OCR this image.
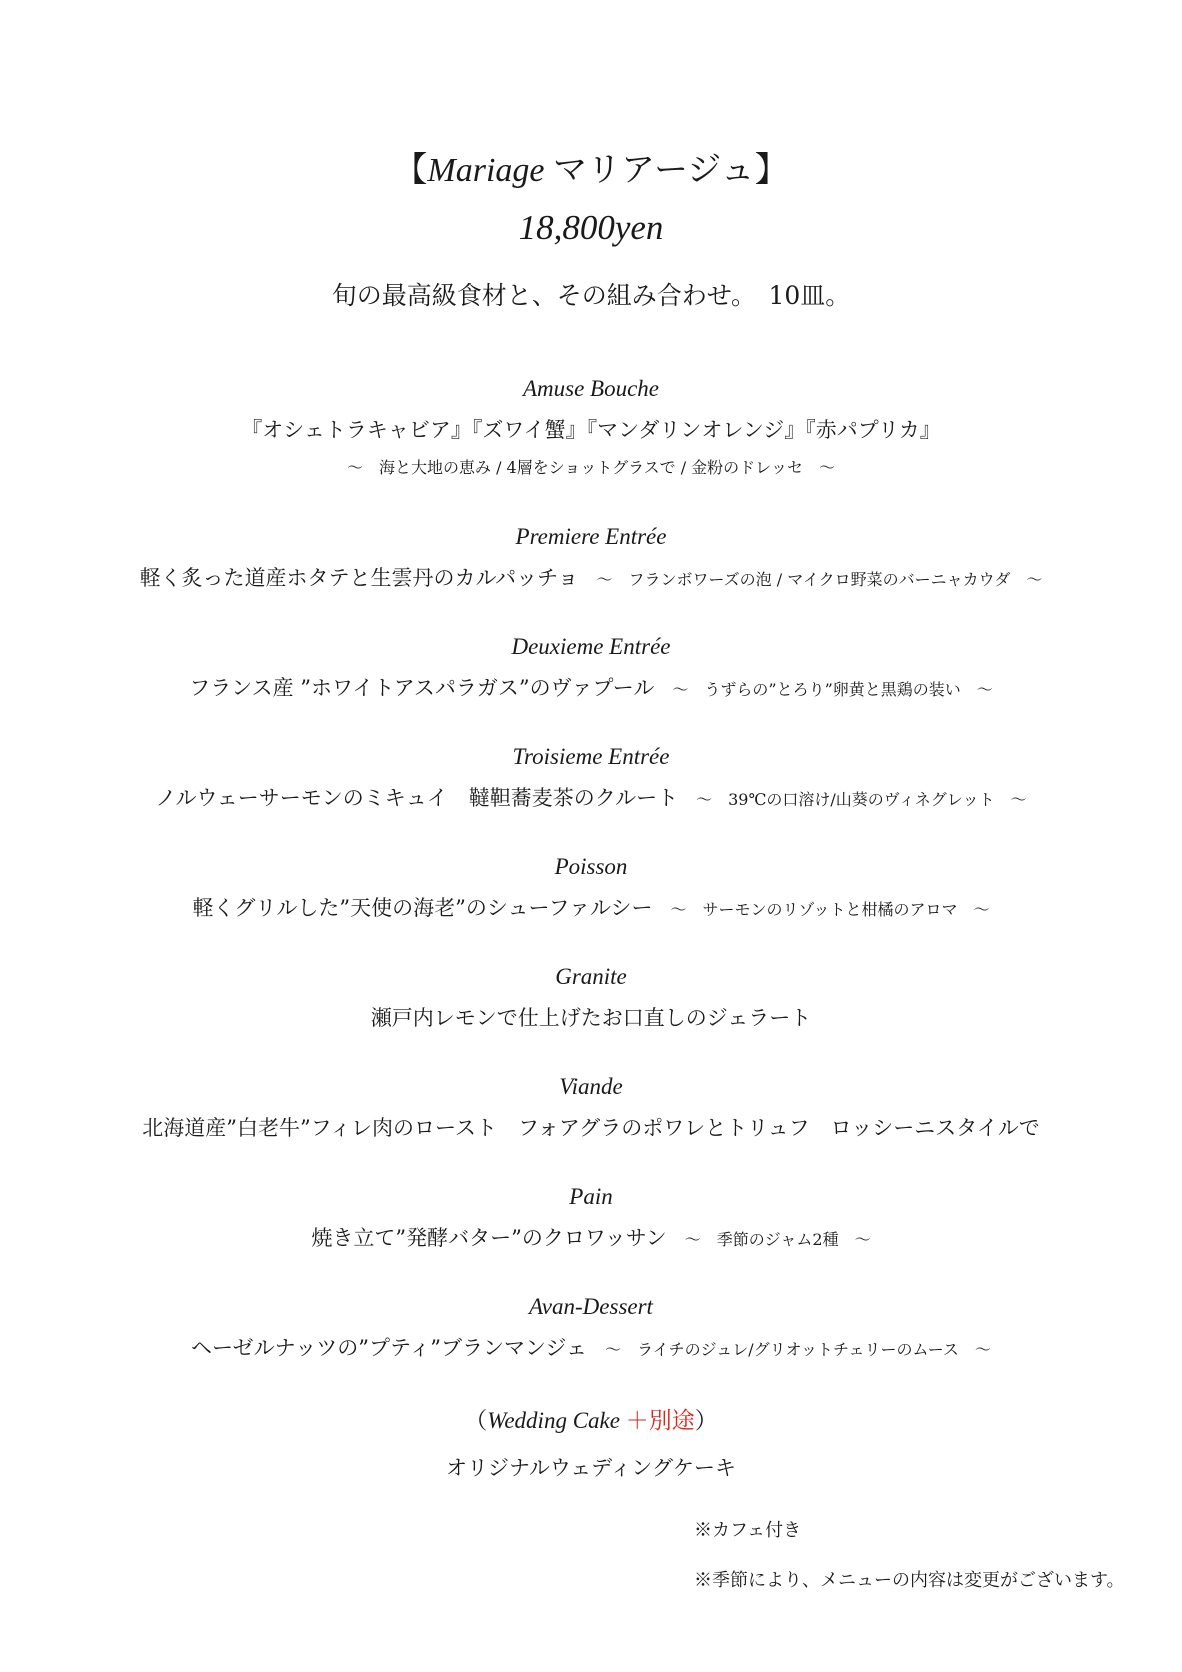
【Mariage マリアージュ】
18,800yen
旬の最高級食材と、その組み合わせ。　10皿。
Amuse Bouche
『オシェトラキャビア』『ズワイ蟹』『マンダリンオレンジ』『赤パプリカ』
～　海と大地の恵み / 4層をショットグラスで / 金粉のドレッセ　～
Premiere Entrée
軽く炙った道産ホタテと生雲丹のカルパッチョ ～　フランボワーズの泡 / マイクロ野菜のバーニャカウダ　～
Deuxieme Entrée
フランス産 ”ホワイトアスパラガス”のヴァプール ～　うずらの”とろり”卵黄と黒鶏の装い　～
Troisieme Entrée
ノルウェーサーモンのミキュイ　韃靼蕎麦茶のクルート ～　39℃の口溶け/山葵のヴィネグレット　～
Poisson
軽くグリルした”天使の海老”のシューファルシー ～　サーモンのリゾットと柑橘のアロマ　～
Granite
瀬戸内レモンで仕上げたお口直しのジェラート
Viande
北海道産”白老牛”フィレ肉のロースト　フォアグラのポワレとトリュフ　ロッシーニスタイルで
Pain
焼き立て”発酵バター”のクロワッサン ～　季節のジャム2種　～
Avan-Dessert
ヘーゼルナッツの”プティ”ブランマンジェ ～　ライチのジュレ/グリオットチェリーのムース　～
（Wedding Cake ＋別途）
オリジナルウェディングケーキ
※カフェ付き
※季節により、メニューの内容は変更がございます。
